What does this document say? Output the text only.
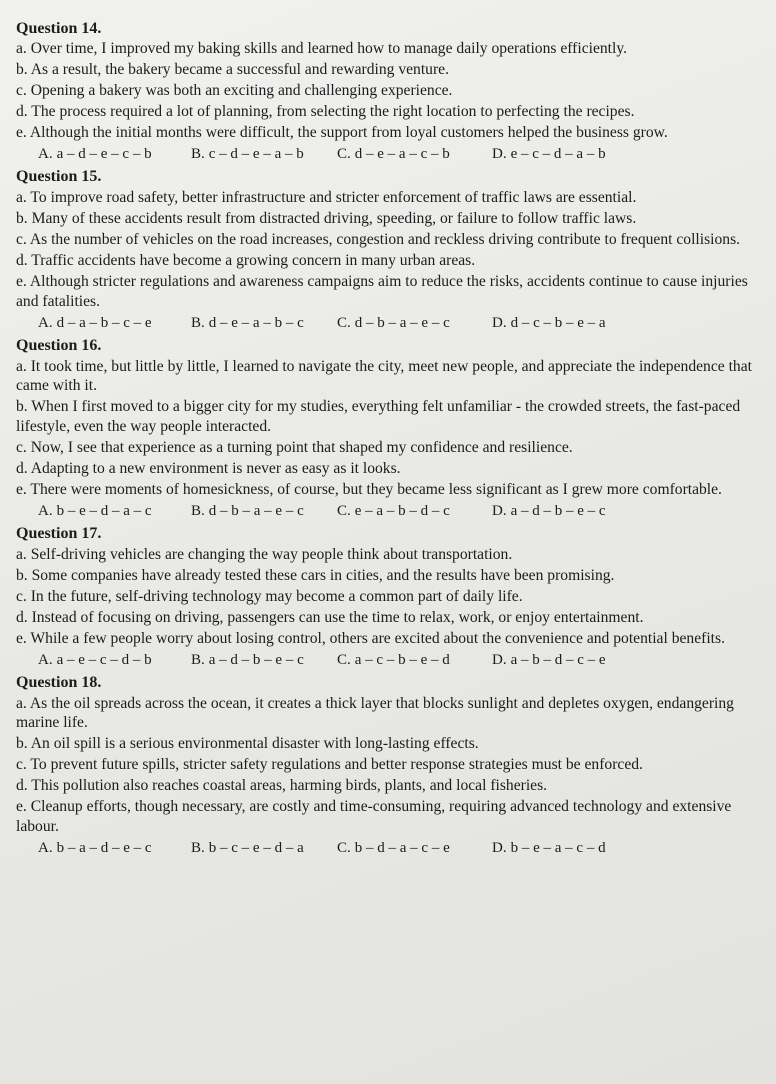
Question 14.
a. Over time, I improved my baking skills and learned how to manage daily operations efficiently.
b. As a result, the bakery became a successful and rewarding venture.
c. Opening a bakery was both an exciting and challenging experience.
d. The process required a lot of planning, from selecting the right location to perfecting the recipes.
e. Although the initial months were difficult, the support from loyal customers helped the business grow.
A. a – d – e – c – b	B. c – d – e – a – b	C. d – e – a – c – b	D. e – c – d – a – b
Question 15.
a. To improve road safety, better infrastructure and stricter enforcement of traffic laws are essential.
b. Many of these accidents result from distracted driving, speeding, or failure to follow traffic laws.
c. As the number of vehicles on the road increases, congestion and reckless driving contribute to frequent collisions.
d. Traffic accidents have become a growing concern in many urban areas.
e. Although stricter regulations and awareness campaigns aim to reduce the risks, accidents continue to cause injuries and fatalities.
A. d – a – b – c – e	B. d – e – a – b – c	C. d – b – a – e – c	D. d – c – b – e – a
Question 16.
a. It took time, but little by little, I learned to navigate the city, meet new people, and appreciate the independence that came with it.
b. When I first moved to a bigger city for my studies, everything felt unfamiliar - the crowded streets, the fast-paced lifestyle, even the way people interacted.
c. Now, I see that experience as a turning point that shaped my confidence and resilience.
d. Adapting to a new environment is never as easy as it looks.
e. There were moments of homesickness, of course, but they became less significant as I grew more comfortable.
A. b – e – d – a – c	B. d – b – a – e – c	C. e – a – b – d – c	D. a – d – b – e – c
Question 17.
a. Self-driving vehicles are changing the way people think about transportation.
b. Some companies have already tested these cars in cities, and the results have been promising.
c. In the future, self-driving technology may become a common part of daily life.
d. Instead of focusing on driving, passengers can use the time to relax, work, or enjoy entertainment.
e. While a few people worry about losing control, others are excited about the convenience and potential benefits.
A. a – e – c – d – b	B. a – d – b – e – c	C. a – c – b – e – d	D. a – b – d – c – e
Question 18.
a. As the oil spreads across the ocean, it creates a thick layer that blocks sunlight and depletes oxygen, endangering marine life.
b. An oil spill is a serious environmental disaster with long-lasting effects.
c. To prevent future spills, stricter safety regulations and better response strategies must be enforced.
d. This pollution also reaches coastal areas, harming birds, plants, and local fisheries.
e. Cleanup efforts, though necessary, are costly and time-consuming, requiring advanced technology and extensive labour.
A. b – a – d – e – c	B. b – c – e – d – a	C. b – d – a – c – e	D. b – e – a – c – d
